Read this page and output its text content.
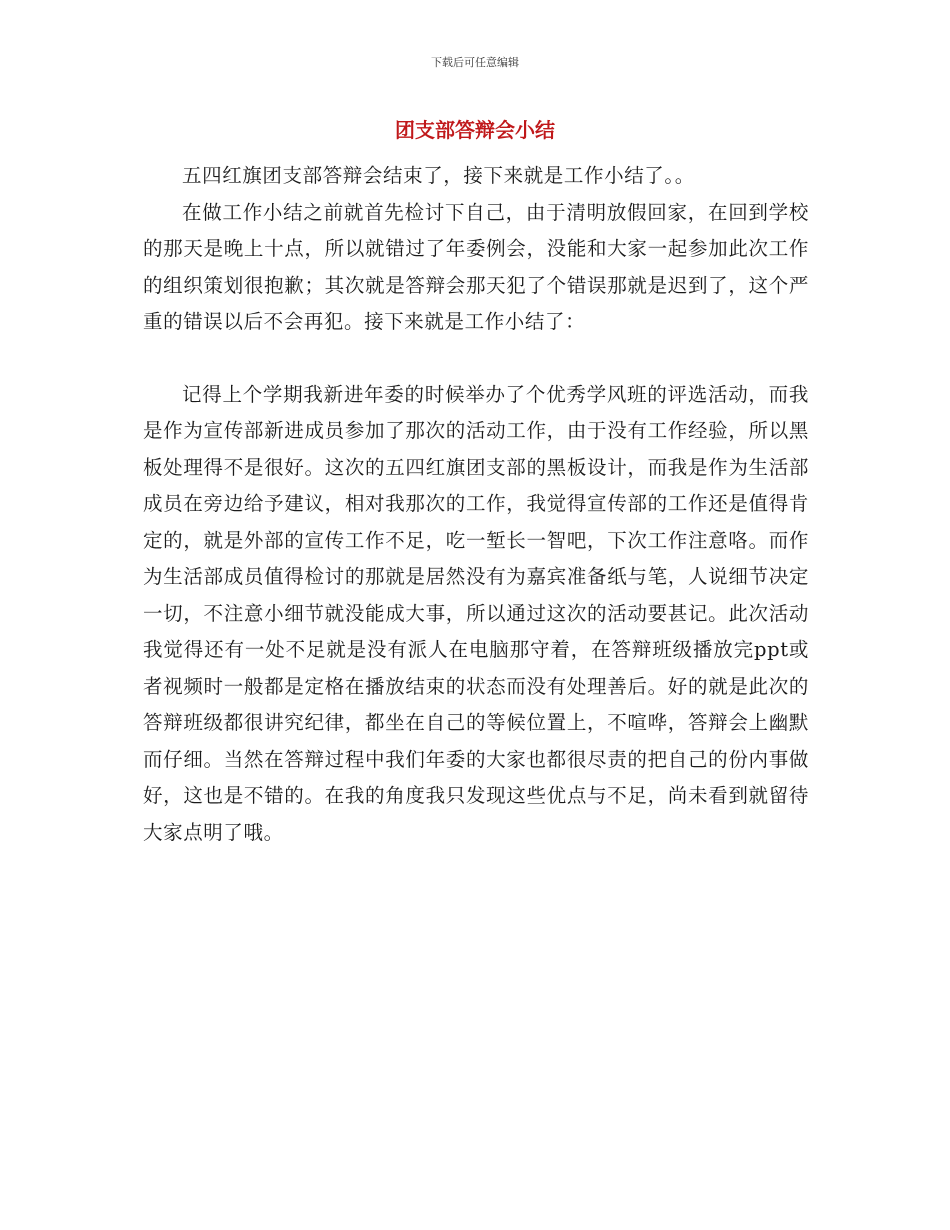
下载后可任意编辑
团支部答辩会小结

五四红旗团支部答辩会结束了，接下来就是工作小结了。。

在做工作小结之前就首先检讨下自己，由于清明放假回家，在回到学校的那天是晚上十点，所以就错过了年委例会，没能和大家一起参加此次工作的组织策划很抱歉；其次就是答辩会那天犯了个错误那就是迟到了，这个严重的错误以后不会再犯。接下来就是工作小结了：

记得上个学期我新进年委的时候举办了个优秀学风班的评选活动，而我是作为宣传部新进成员参加了那次的活动工作，由于没有工作经验，所以黑板处理得不是很好。这次的五四红旗团支部的黑板设计，而我是作为生活部成员在旁边给予建议，相对我那次的工作，我觉得宣传部的工作还是值得肯定的，就是外部的宣传工作不足，吃一堑长一智吧，下次工作注意咯。而作为生活部成员值得检讨的那就是居然没有为嘉宾准备纸与笔，人说细节决定一切，不注意小细节就没能成大事，所以通过这次的活动要甚记。此次活动我觉得还有一处不足就是没有派人在电脑那守着，在答辩班级播放完ppt或者视频时一般都是定格在播放结束的状态而没有处理善后。好的就是此次的答辩班级都很讲究纪律，都坐在自己的等候位置上，不喧哗，答辩会上幽默而仔细。当然在答辩过程中我们年委的大家也都很尽责的把自己的份内事做好，这也是不错的。在我的角度我只发现这些优点与不足，尚未看到就留待大家点明了哦。
